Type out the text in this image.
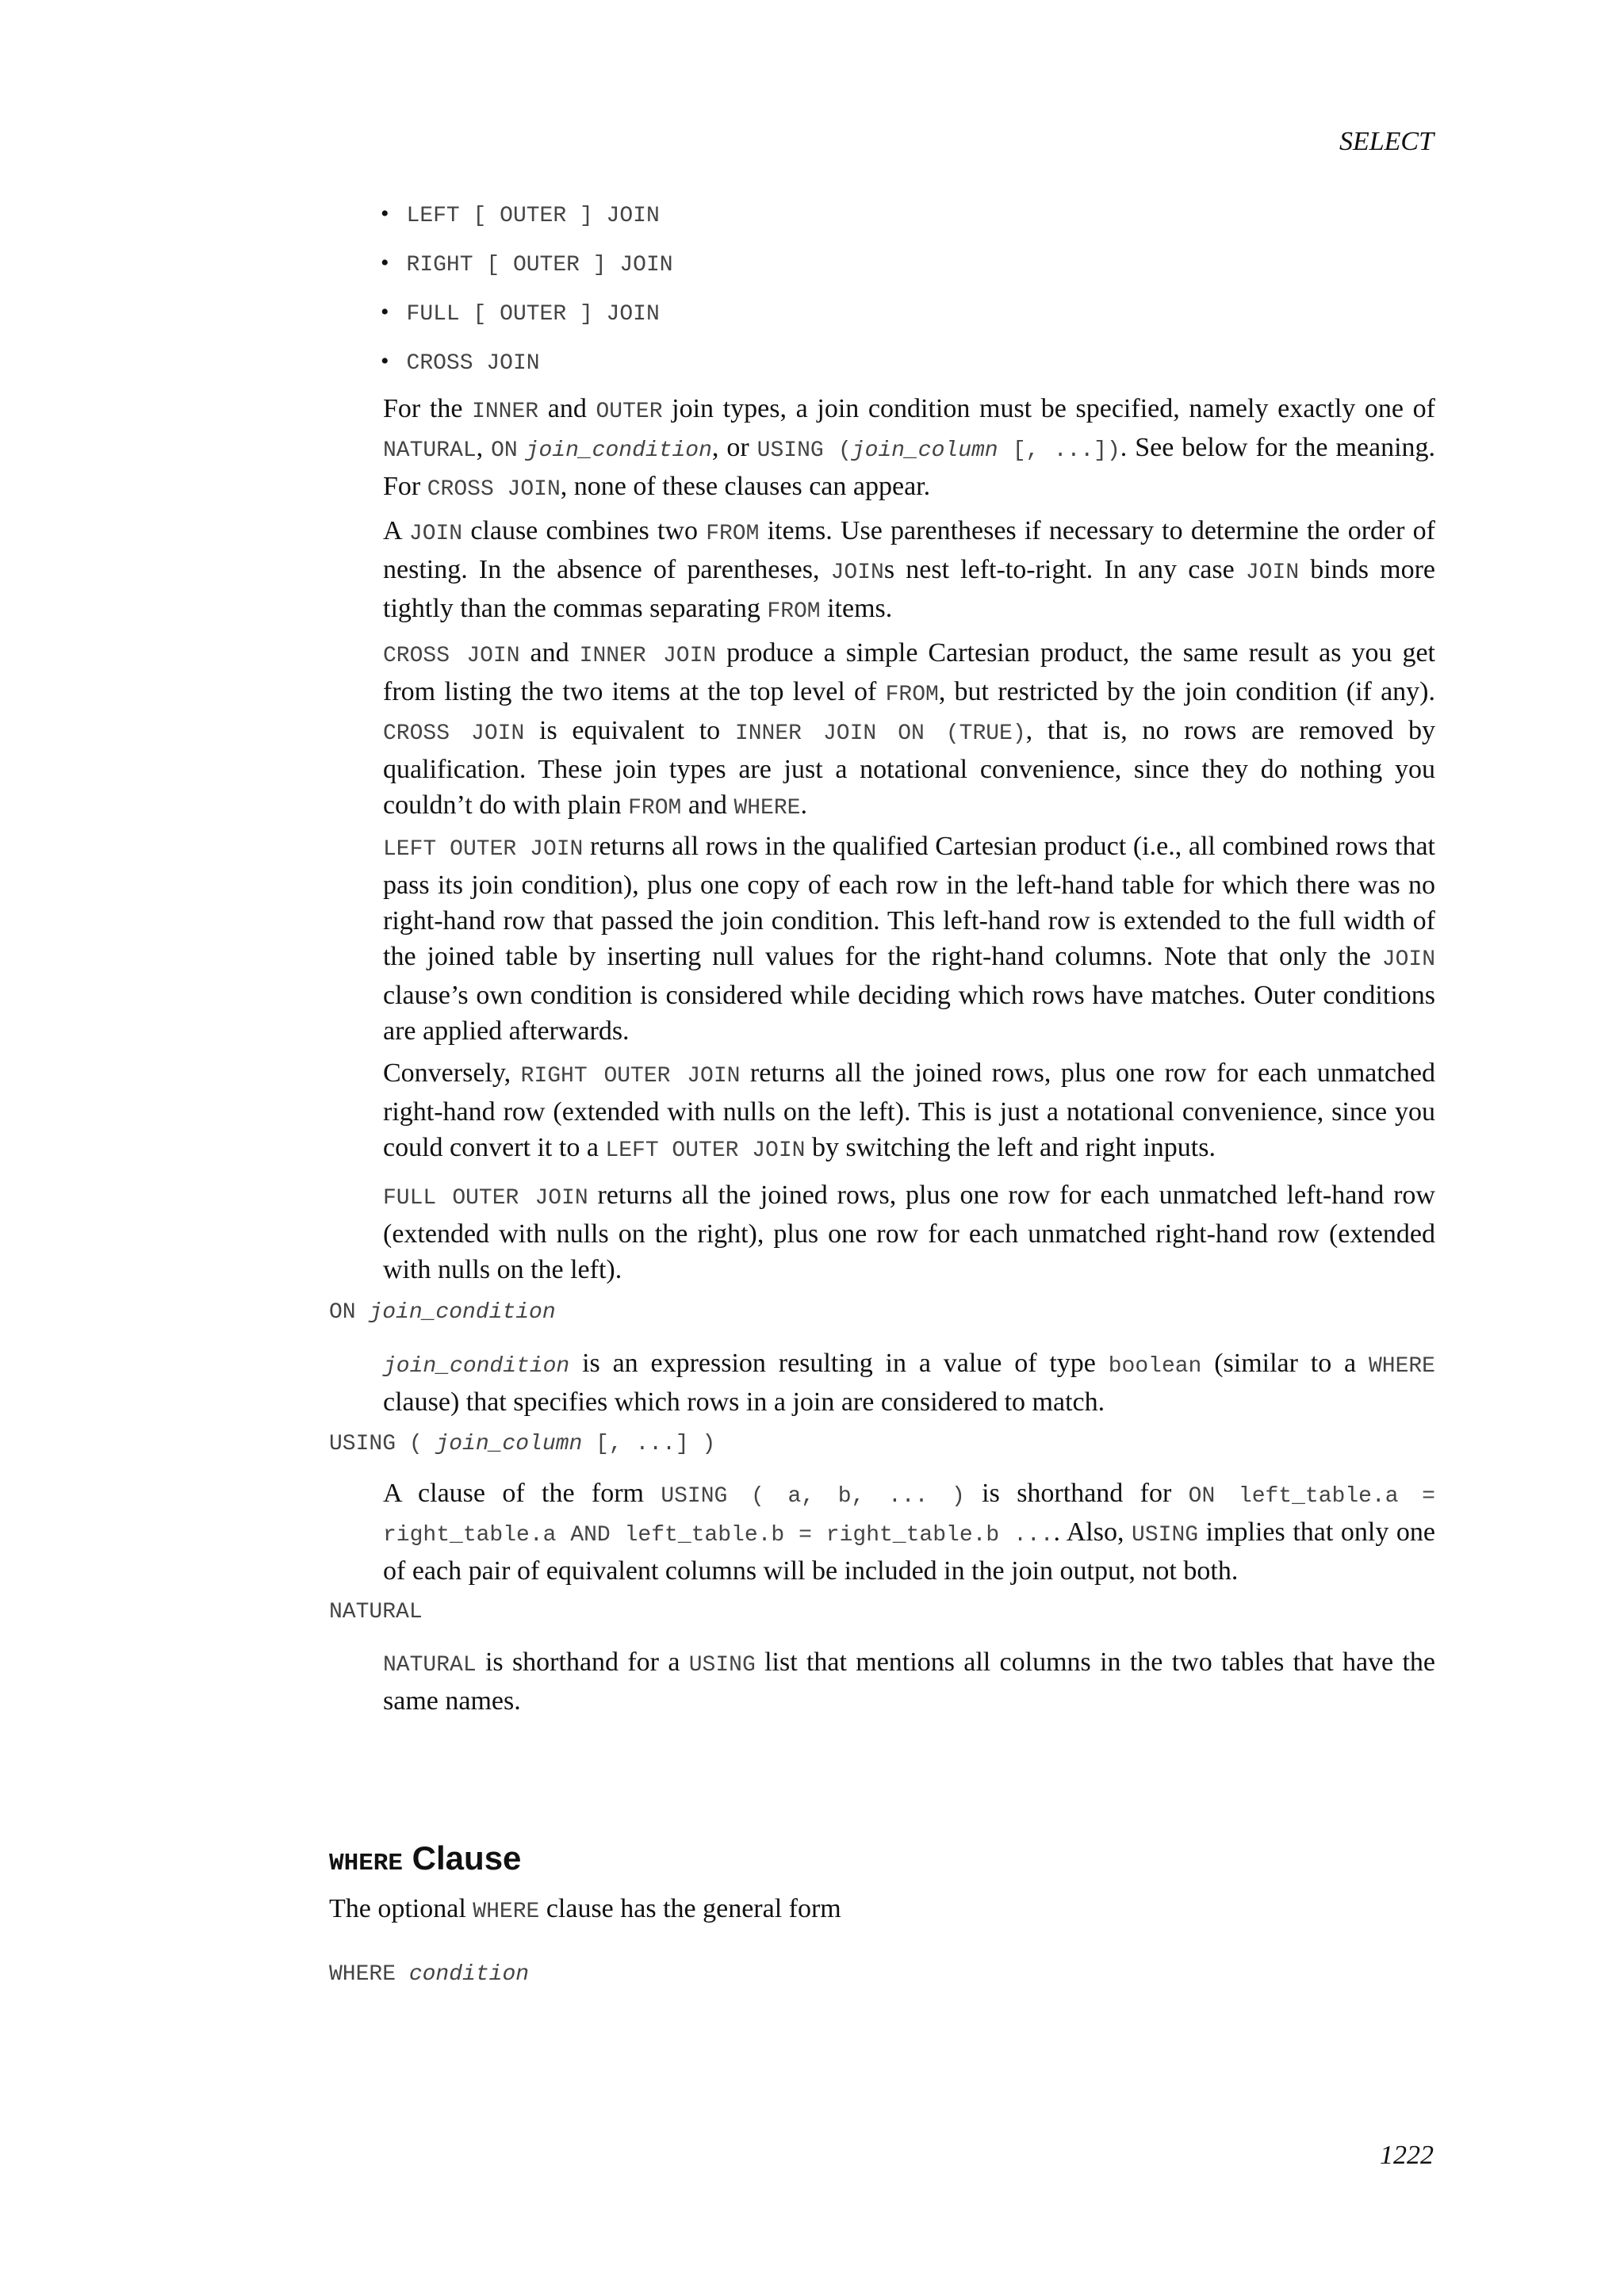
SELECT
• LEFT [ OUTER ] JOIN
• RIGHT [ OUTER ] JOIN
• FULL [ OUTER ] JOIN
• CROSS JOIN

For the INNER and OUTER join types, a join condition must be specified, namely exactly one of NATURAL, ON join_condition, or USING (join_column [, ...]). See below for the meaning. For CROSS JOIN, none of these clauses can appear.

A JOIN clause combines two FROM items. Use parentheses if necessary to determine the order of nesting. In the absence of parentheses, JOINs nest left-to-right. In any case JOIN binds more tightly than the commas separating FROM items.

CROSS JOIN and INNER JOIN produce a simple Cartesian product, the same result as you get from listing the two items at the top level of FROM, but restricted by the join condition (if any). CROSS JOIN is equivalent to INNER JOIN ON (TRUE), that is, no rows are removed by qualification. These join types are just a notational convenience, since they do nothing you couldn’t do with plain FROM and WHERE.

LEFT OUTER JOIN returns all rows in the qualified Cartesian product (i.e., all combined rows that pass its join condition), plus one copy of each row in the left-hand table for which there was no right-hand row that passed the join condition. This left-hand row is extended to the full width of the joined table by inserting null values for the right-hand columns. Note that only the JOIN clause’s own condition is considered while deciding which rows have matches. Outer conditions are applied afterwards.

Conversely, RIGHT OUTER JOIN returns all the joined rows, plus one row for each unmatched right-hand row (extended with nulls on the left). This is just a notational convenience, since you could convert it to a LEFT OUTER JOIN by switching the left and right inputs.

FULL OUTER JOIN returns all the joined rows, plus one row for each unmatched left-hand row (extended with nulls on the right), plus one row for each unmatched right-hand row (extended with nulls on the left).

ON join_condition

join_condition is an expression resulting in a value of type boolean (similar to a WHERE clause) that specifies which rows in a join are considered to match.

USING ( join_column [, ...] )

A clause of the form USING ( a, b, ... ) is shorthand for ON left_table.a = right_table.a AND left_table.b = right_table.b .... Also, USING implies that only one of each pair of equivalent columns will be included in the join output, not both.

NATURAL

NATURAL is shorthand for a USING list that mentions all columns in the two tables that have the same names.

WHERE Clause

The optional WHERE clause has the general form

WHERE condition

1222
